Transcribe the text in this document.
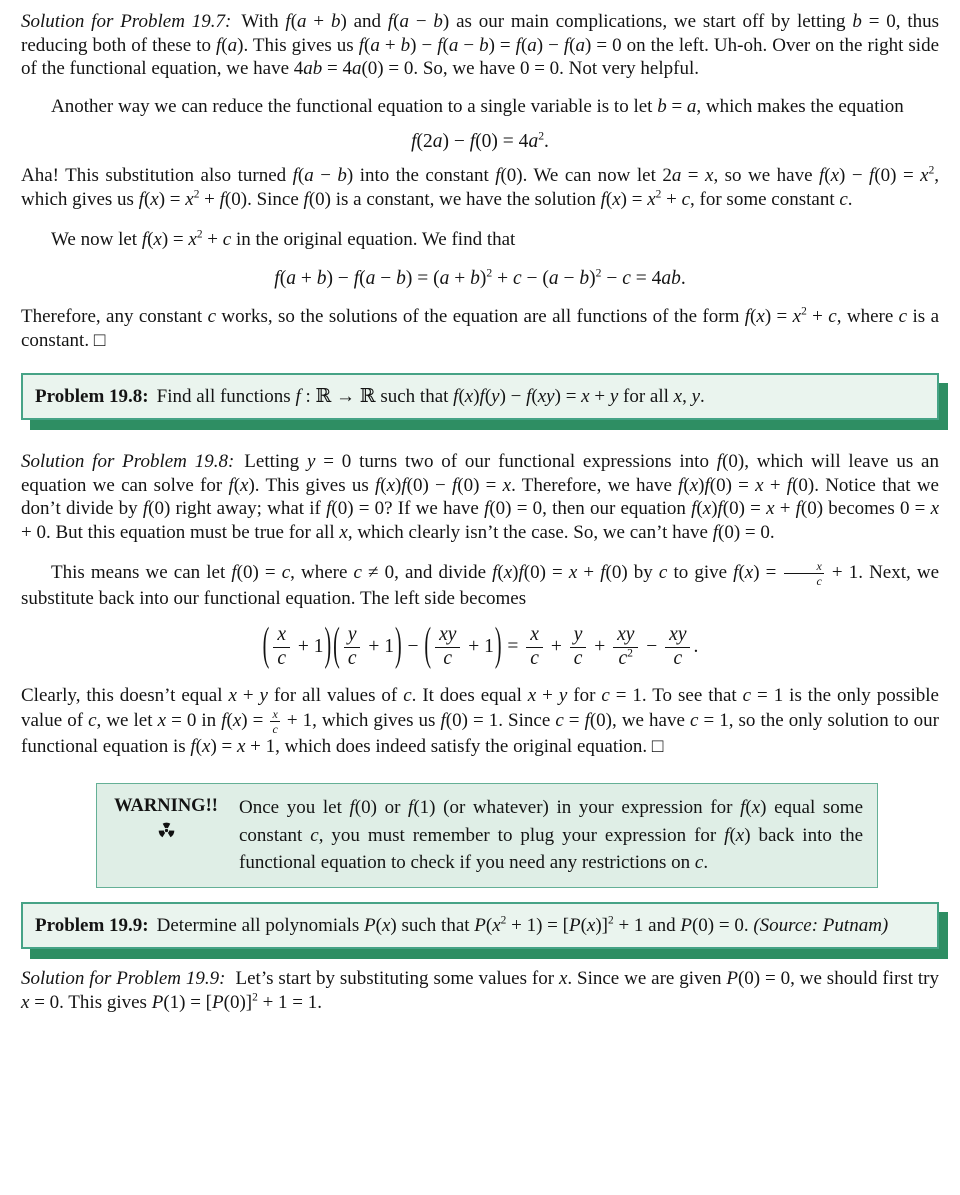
Solution for Problem 19.7: With f(a + b) and f(a − b) as our main complications, we start off by letting b = 0, thus reducing both of these to f(a). This gives us f(a + b) − f(a − b) = f(a) − f(a) = 0 on the left. Uh-oh. Over on the right side of the functional equation, we have 4ab = 4a(0) = 0. So, we have 0 = 0. Not very helpful.

Another way we can reduce the functional equation to a single variable is to let b = a, which makes the equation

$f(2a) - f(0) = 4a^2$.

Aha! This substitution also turned f(a − b) into the constant f(0). We can now let 2a = x, so we have $f(x) - f(0) = x^2$, which gives us $f(x) = x^2 + f(0)$. Since f(0) is a constant, we have the solution $f(x) = x^2 + c$, for some constant c.

We now let $f(x) = x^2 + c$ in the original equation. We find that

$f(a + b) - f(a - b) = (a + b)^2 + c - (a - b)^2 - c = 4ab$.

Therefore, any constant c works, so the solutions of the equation are all functions of the form $f(x) = x^2 + c$, where c is a constant. □

Problem 19.8: Find all functions f : ℝ → ℝ such that f(x)f(y) − f(xy) = x + y for all x, y.

Solution for Problem 19.8: Letting y = 0 turns two of our functional expressions into f(0), which will leave us an equation we can solve for f(x). This gives us f(x)f(0) − f(0) = x. Therefore, we have f(x)f(0) = x + f(0). Notice that we don’t divide by f(0) right away; what if f(0) = 0? If we have f(0) = 0, then our equation f(x)f(0) = x + f(0) becomes 0 = x + 0. But this equation must be true for all x, which clearly isn’t the case. So, we can’t have f(0) = 0.

This means we can let f(0) = c, where c ≠ 0, and divide f(x)f(0) = x + f(0) by c to give $f(x) = \frac{x}{c} + 1$. Next, we substitute back into our functional equation. The left side becomes

( $\frac{x}{c} + 1$) ( $\frac{y}{c} + 1$) − ( $\frac{xy}{c} + 1) = \frac{x}{c} + \frac{y}{c} + \frac{xy}{c^2} - \frac{xy}{c}$ .

Clearly, this doesn’t equal x + y for all values of c. It does equal x + y for c = 1. To see that c = 1 is the only possible value of c, we let x = 0 in $f(x) = \frac{x}{c} + 1$, which gives us f(0) = 1. Since c = f(0), we have c = 1, so the only solution to our functional equation is f(x) = x + 1, which does indeed satisfy the original equation. □

WARNING!!	Once you let f(0) or f(1) (or whatever) in your expression for f(x) equal some constant c, you must remember to plug your expression for f(x) back into the functional equation to check if you need any restrictions on c.
Problem 19.9: Determine all polynomials P(x) such that $P(x^2 + 1) = [P(x)]^2 + 1$ and P(0) = 0. (Source: Putnam)

Solution for Problem 19.9: Let’s start by substituting some values for x. Since we are given P(0) = 0, we should first try x = 0. This gives $P(1) = [P(0)]^2 + 1 = 1$.
